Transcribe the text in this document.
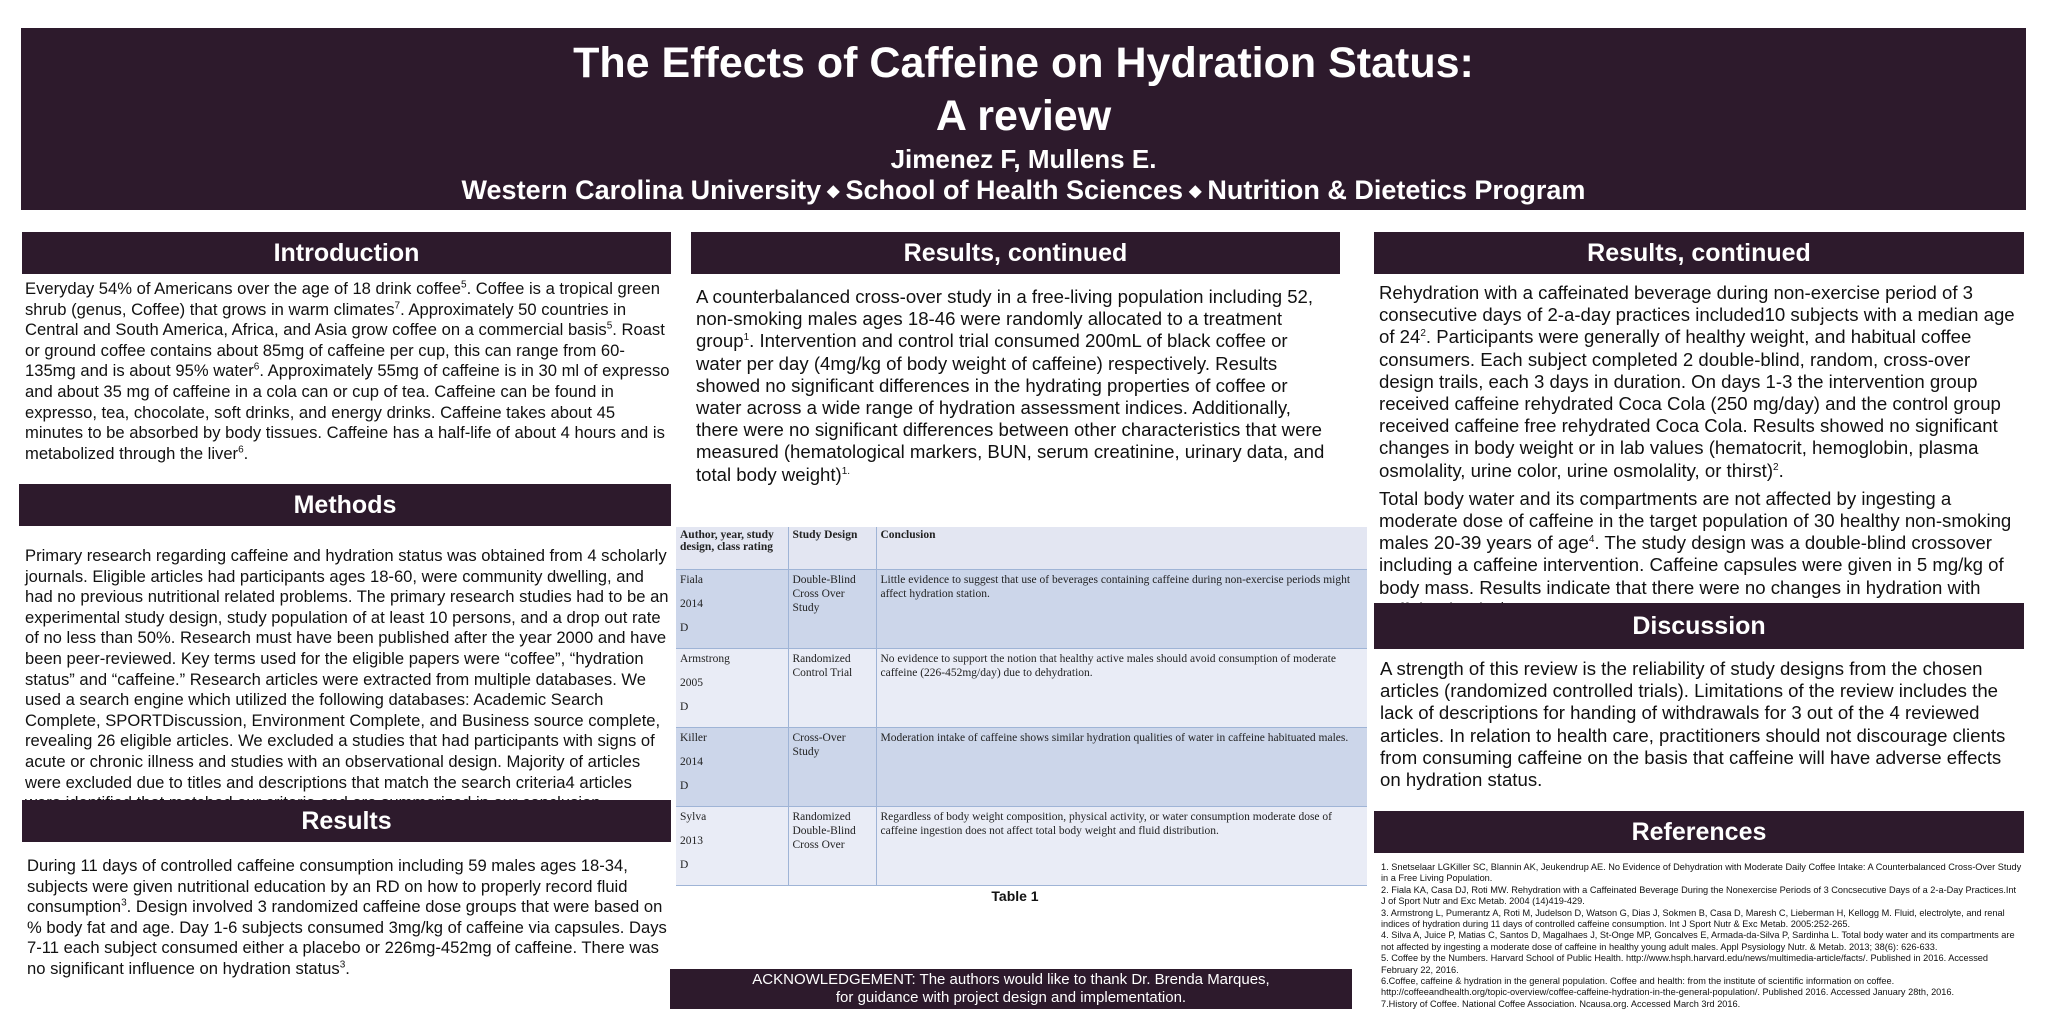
The Effects of Caffeine on Hydration Status:
A review
Jimenez F, Mullens E.
Western Carolina University ◆ School of Health Sciences ◆ Nutrition & Dietetics Program
Introduction

Everyday 54% of Americans over the age of 18 drink coffee$^5$. Coffee is a tropical green shrub (genus, Coffee) that grows in warm climates$^7$. Approximately 50 countries in Central and South America, Africa, and Asia grow coffee on a commercial basis$^5$. Roast or ground coffee contains about 85mg of caffeine per cup, this can range from 60-135mg and is about 95% water$^6$. Approximately 55mg of caffeine is in 30 ml of expresso and about 35 mg of caffeine in a cola can or cup of tea. Caffeine can be found in expresso, tea, chocolate, soft drinks, and energy drinks. Caffeine takes about 45 minutes to be absorbed by body tissues. Caffeine has a half-life of about 4 hours and is metabolized through the liver$^6$.

Methods
Primary research regarding caffeine and hydration status was obtained from 4 scholarly journals. Eligible articles had participants ages 18-60, were community dwelling, and had no previous nutritional related problems. The primary research studies had to be an experimental study design, study population of at least 10 persons, and a drop out rate of no less than 50%. Research must have been published after the year 2000 and have been peer-reviewed. Key terms used for the eligible papers were “coffee”, “hydration status” and “caffeine.” Research articles were extracted from multiple databases. We used a search engine which utilized the following databases: Academic Search Complete, SPORTDiscussion, Environment Complete, and Business source complete, revealing 26 eligible articles. We excluded a studies that had participants with signs of acute or chronic illness and studies with an observational design. Majority of articles were excluded due to titles and descriptions that match the search criteria4 articles
Results

During 11 days of controlled caffeine consumption including 59 males ages 18-34, subjects were given nutritional education by an RD on how to properly record fluid consumption$^3$. Design involved 3 randomized caffeine dose groups that were based on % body fat and age. Day 1-6 subjects consumed 3mg/kg of caffeine via capsules. Days 7-11 each subject consumed either a placebo or 226mg-452mg of caffeine. There was no significant influence on hydration status$^3$.

Results, continued

A counterbalanced cross-over study in a free-living population including 52, non-smoking males ages 18-46 were randomly allocated to a treatment group$^1$. Intervention and control trial consumed 200mL of black coffee or water per day (4mg/kg of body weight of caffeine) respectively. Results showed no significant differences in the hydrating properties of coffee or water across a wide range of hydration assessment indices. Additionally, there were no significant differences between other characteristics that were measured (hematological markers, BUN, serum creatinine, urinary data, and total body weight)$^{1.}$

Author, year, study design, class rating	Study Design	Conclusion

Fiala
2014
D	Double-Blind Cross Over Study	Little evidence to suggest that use of beverages containing caffeine during non-exercise periods might affect hydration station.

Armstrong
2005
D	Randomized Control Trial	No evidence to support the notion that healthy active males should avoid consumption of moderate caffeine (226-452mg/day) due to dehydration.

Killer
2014
D	Cross-Over Study	Moderation intake of caffeine shows similar hydration qualities of water in caffeine habituated males.

Sylva
2013
D	Randomized Double-Blind Cross Over	Regardless of body weight composition, physical activity, or water consumption moderate dose of caffeine ingestion does not affect total body weight and fluid distribution.
Table 1
ACKNOWLEDGEMENT: The authors would like to thank Dr. Brenda Marques,
for guidance with project design and implementation.
Results, continued

Rehydration with a caffeinated beverage during non-exercise period of 3 consecutive days of 2-a-day practices included10 subjects with a median age of $24^2$. Participants were generally of healthy weight, and habitual coffee consumers. Each subject completed 2 double-blind, random, cross-over design trails, each 3 days in duration. On days 1-3 the intervention group received caffeine rehydrated Coca Cola (250 mg/day) and the control group received caffeine free rehydrated Coca Cola. Results showed no significant changes in body weight or in lab values (hematocrit, hemoglobin, plasma osmolality, urine color, urine osmolality, or thirst)$^2$.

Total body water and its compartments are not affected by ingesting a moderate dose of caffeine in the target population of 30 healthy non-smoking males 20-39 years of age$^4$. The study design was a double-blind crossover including a caffeine intervention. Caffeine capsules were given in 5 mg/kg of body mass. Results indicate that there were no changes in hydration with

Discussion
A strength of this review is the reliability of study designs from the chosen articles (randomized controlled trials). Limitations of the review includes the lack of descriptions for handing of withdrawals for 3 out of the 4 reviewed articles. In relation to health care, practitioners should not discourage clients from consuming caffeine on the basis that caffeine will have adverse effects on hydration status.
References
1. Snetselaar LGKiller SC, Blannin AK, Jeukendrup AE. No Evidence of Dehydration with Moderate Daily Coffee Intake: A Counterbalanced Cross-Over Study in a Free Living Population.
2. Fiala KA, Casa DJ, Roti MW. Rehydration with a Caffeinated Beverage During the Nonexercise Periods of 3 Concsecutive Days of a 2-a-Day Practices.Int J of Sport Nutr and Exc Metab. 2004 (14)419-429.
3. Armstrong L, Pumerantz A, Roti M, Judelson D, Watson G, Dias J, Sokmen B, Casa D, Maresh C, Lieberman H, Kellogg M. Fluid, electrolyte, and renal indices of hydration during 11 days of controlled caffeine consumption. Int J Sport Nutr & Exc Metab. 2005:252-265.
4. Silva A, Juice P, Matias C, Santos D, Magalhaes J, St-Onge MP, Goncalves E, Armada-da-Silva P, Sardinha L. Total body water and its compartments are not affected by ingesting a moderate dose of caffeine in healthy young adult males. Appl Psysiology Nutr. & Metab. 2013; 38(6): 626-633.
5. Coffee by the Numbers. Harvard School of Public Health. http://www.hsph.harvard.edu/news/multimedia-article/facts/. Published in 2016. Accessed February 22, 2016.
6.Coffee, caffeine & hydration in the general population. Coffee and health: from the institute of scientific information on coffee. http://coffeeandhealth.org/topic-overview/coffee-caffeine-hydration-in-the-general-population/. Published 2016. Accessed January 28th, 2016.
7.History of Coffee. National Coffee Association. Ncausa.org. Accessed March 3rd 2016.
